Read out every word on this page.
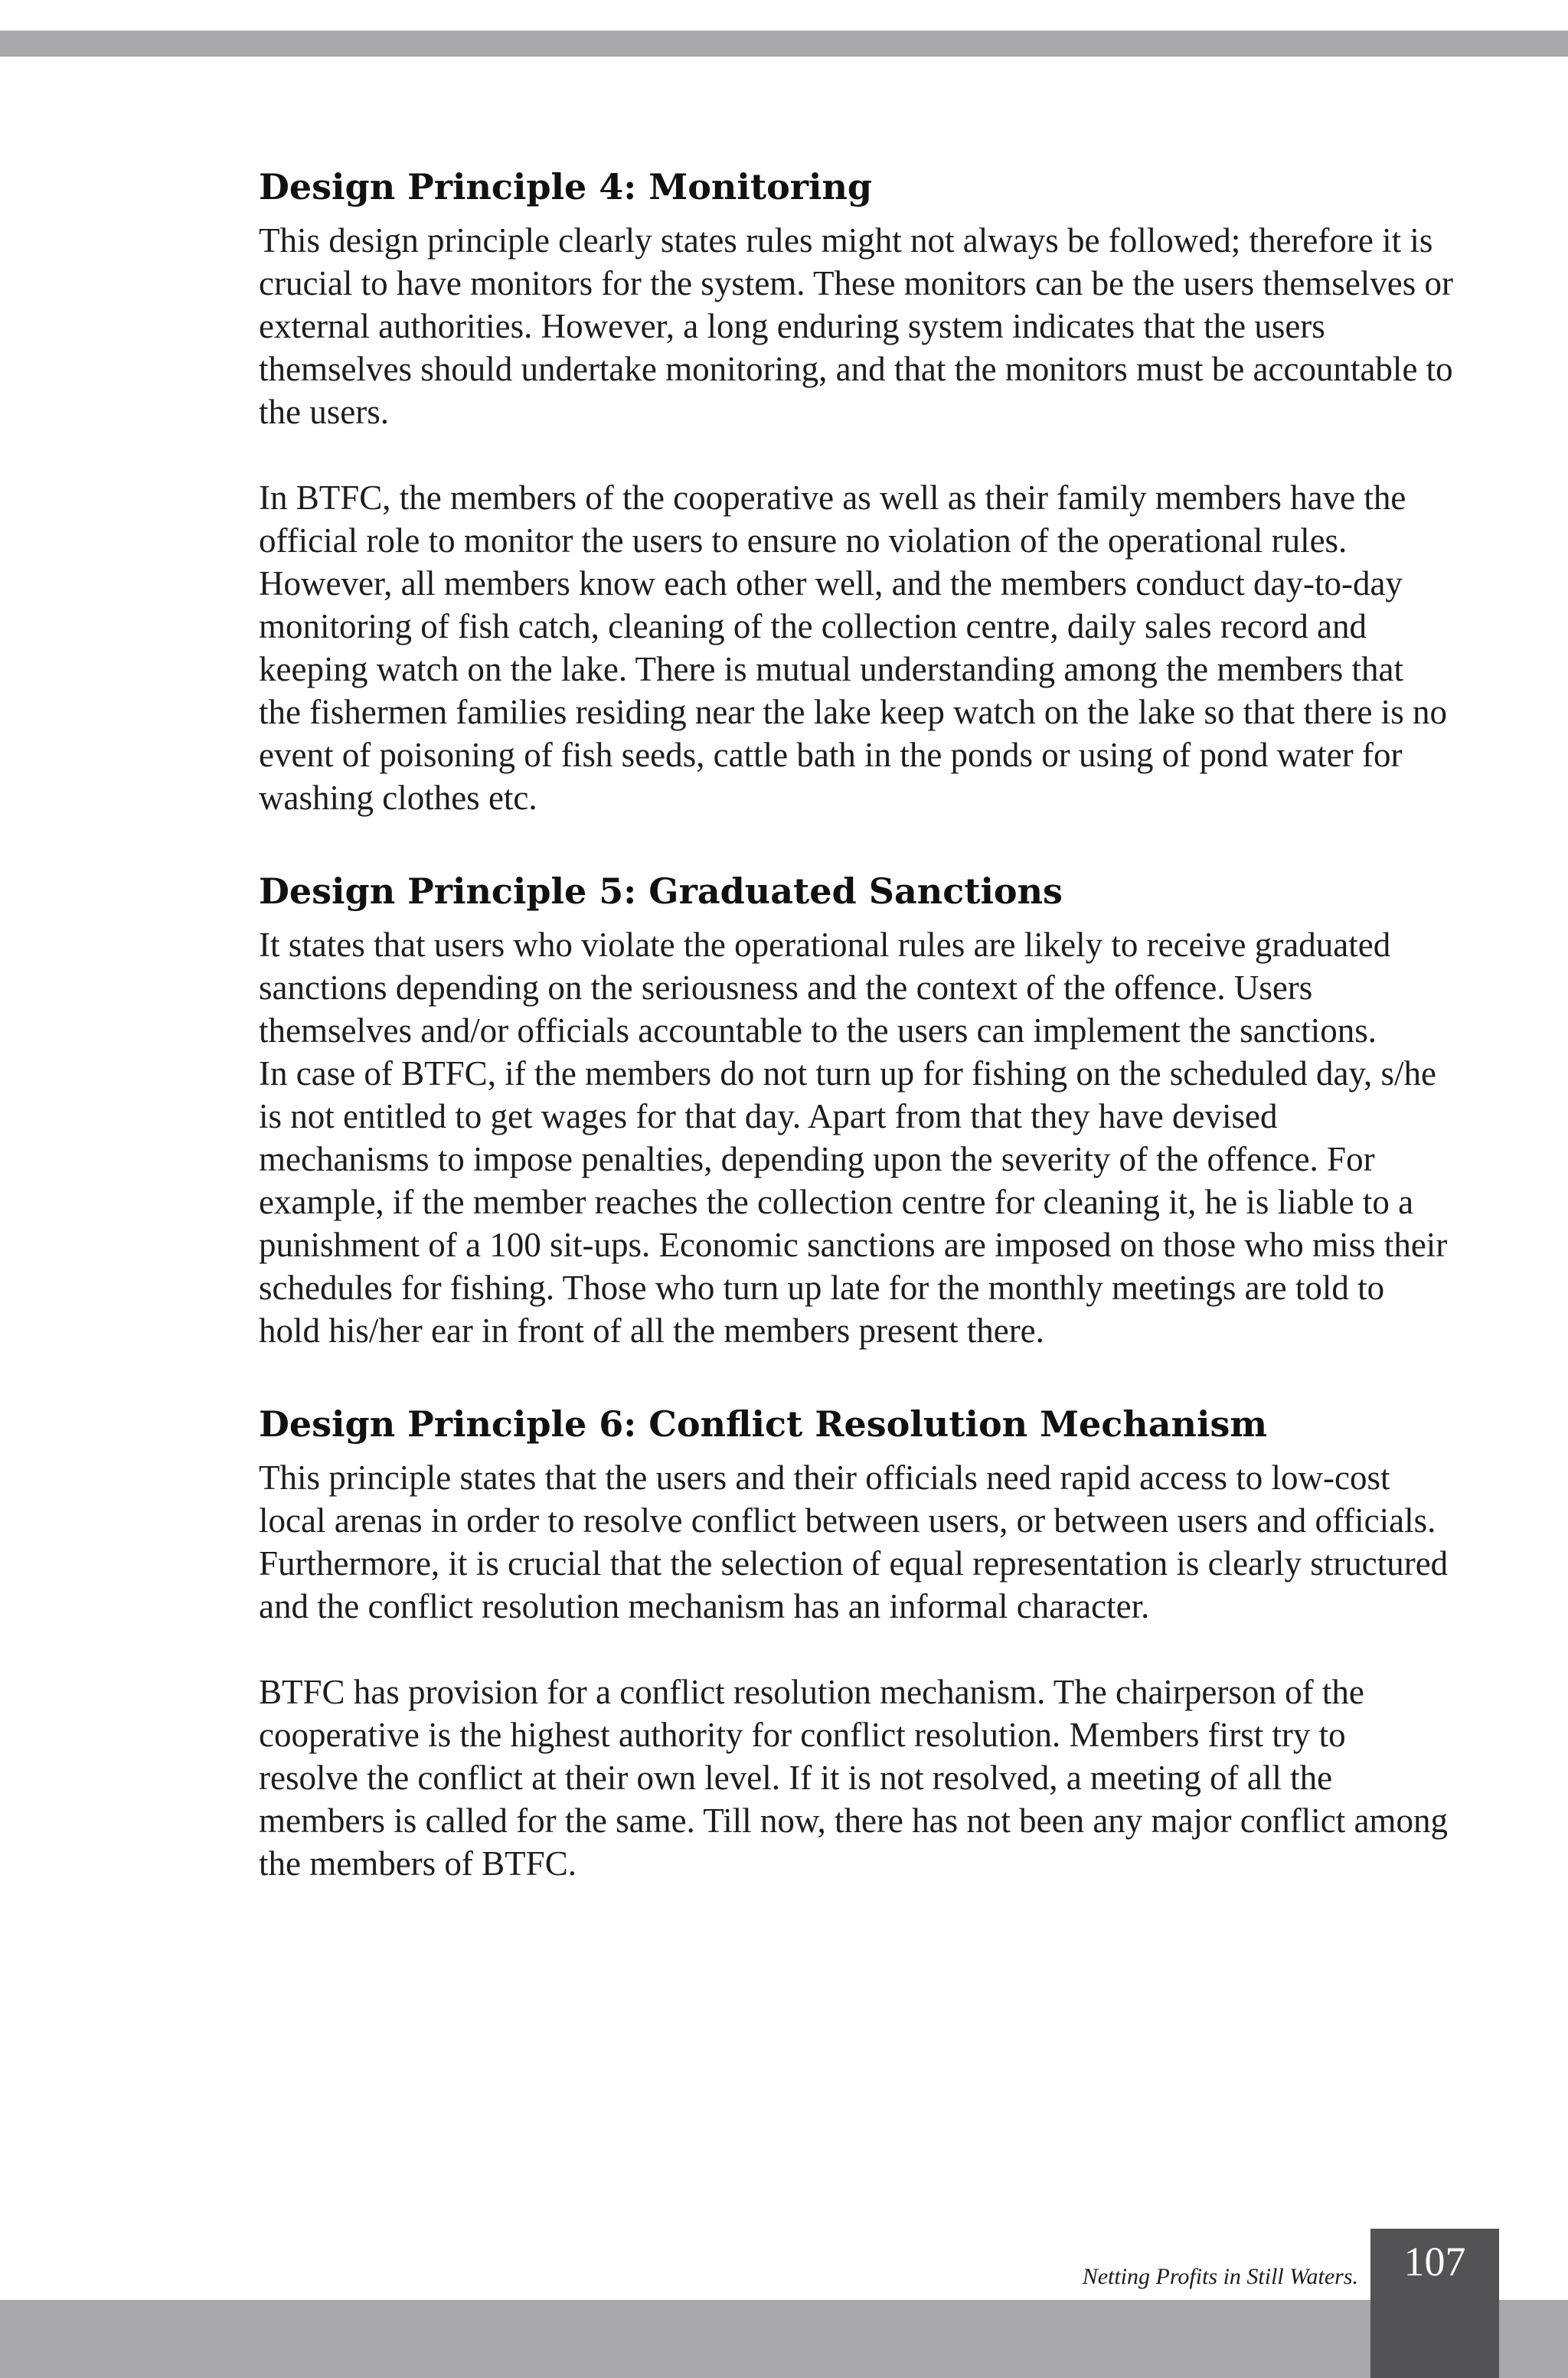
Design Principle 4: Monitoring

This design principle clearly states rules might not always be followed; therefore it is crucial to have monitors for the system. These monitors can be the users themselves or external authorities. However, a long enduring system indicates that the users themselves should undertake monitoring, and that the monitors must be accountable to the users.

In BTFC, the members of the cooperative as well as their family members have the official role to monitor the users to ensure no violation of the operational rules. However, all members know each other well, and the members conduct day-to-day monitoring of fish catch, cleaning of the collection centre, daily sales record and keeping watch on the lake. There is mutual understanding among the members that the fishermen families residing near the lake keep watch on the lake so that there is no event of poisoning of fish seeds, cattle bath in the ponds or using of pond water for washing clothes etc.

Design Principle 5: Graduated Sanctions

It states that users who violate the operational rules are likely to receive graduated sanctions depending on the seriousness and the context of the offence. Users themselves and/or officials accountable to the users can implement the sanctions.

In case of BTFC, if the members do not turn up for fishing on the scheduled day, s/he is not entitled to get wages for that day. Apart from that they have devised mechanisms to impose penalties, depending upon the severity of the offence. For example, if the member reaches the collection centre for cleaning it, he is liable to a punishment of a 100 sit-ups. Economic sanctions are imposed on those who miss their schedules for fishing. Those who turn up late for the monthly meetings are told to hold his/her ear in front of all the members present there.

Design Principle 6: Conflict Resolution Mechanism

This principle states that the users and their officials need rapid access to low-cost local arenas in order to resolve conflict between users, or between users and officials. Furthermore, it is crucial that the selection of equal representation is clearly structured and the conflict resolution mechanism has an informal character.

BTFC has provision for a conflict resolution mechanism. The chairperson of the cooperative is the highest authority for conflict resolution. Members first try to resolve the conflict at their own level. If it is not resolved, a meeting of all the members is called for the same. Till now, there has not been any major conflict among the members of BTFC.

Netting Profits in Still Waters.	107
